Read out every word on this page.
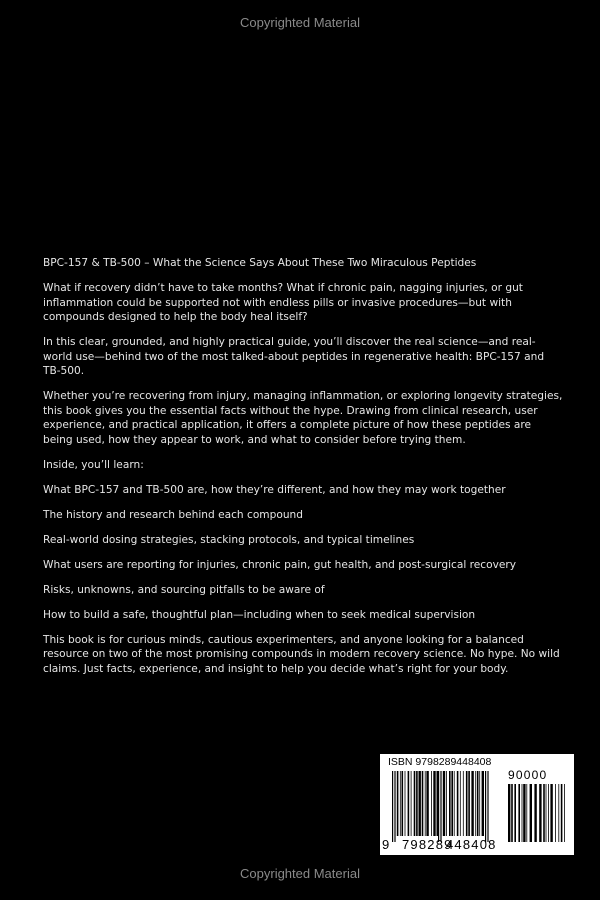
Copyrighted Material

BPC-157 & TB-500 – What the Science Says About These Two Miraculous Peptides

What if recovery didn’t have to take months? What if chronic pain, nagging injuries, or gut inflammation could be supported not with endless pills or invasive procedures—but with compounds designed to help the body heal itself?

In this clear, grounded, and highly practical guide, you’ll discover the real science—and real-world use—behind two of the most talked-about peptides in regenerative health: BPC-157 and TB-500.

Whether you’re recovering from injury, managing inflammation, or exploring longevity strategies, this book gives you the essential facts without the hype. Drawing from clinical research, user experience, and practical application, it offers a complete picture of how these peptides are being used, how they appear to work, and what to consider before trying them.

Inside, you’ll learn:

What BPC-157 and TB-500 are, how they’re different, and how they may work together
The history and research behind each compound
Real-world dosing strategies, stacking protocols, and typical timelines
What users are reporting for injuries, chronic pain, gut health, and post-surgical recovery
Risks, unknowns, and sourcing pitfalls to be aware of
How to build a safe, thoughtful plan—including when to seek medical supervision

This book is for curious minds, cautious experimenters, and anyone looking for a balanced resource on two of the most promising compounds in modern recovery science. No hype. No wild claims. Just facts, experience, and insight to help you decide what’s right for your body.

ISBN 9798289448408
9 798289
448408
90000
Copyrighted Material
